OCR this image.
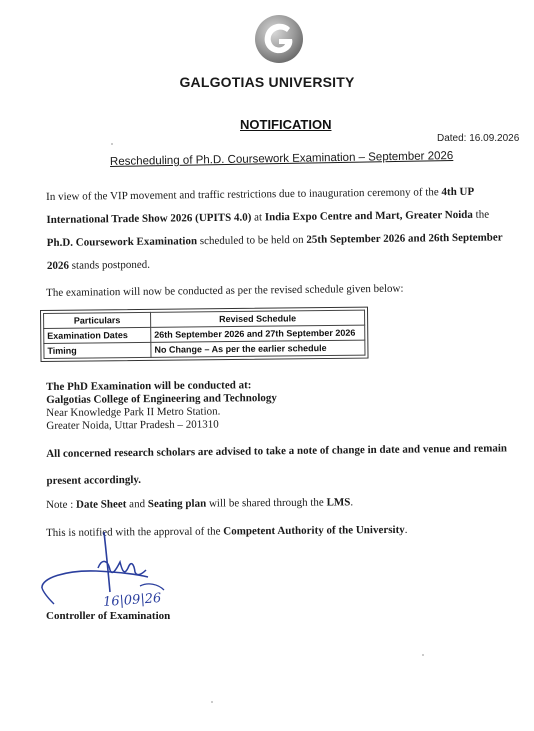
GALGOTIAS UNIVERSITY
NOTIFICATION
Dated: 16.09.2026
Rescheduling of Ph.D. Coursework Examination – September 2026
In view of the VIP movement and traffic restrictions due to inauguration ceremony of the 4th UP International Trade Show 2026 (UPITS 4.0) at India Expo Centre and Mart, Greater Noida the Ph.D. Coursework Examination scheduled to be held on 25th September 2026 and 26th September 2026 stands postponed.
The examination will now be conducted as per the revised schedule given below:
Particulars	Revised Schedule
Examination Dates	26th September 2026 and 27th September 2026
Timing	No Change – As per the earlier schedule
The PhD Examination will be conducted at:
Galgotias College of Engineering and Technology
Near Knowledge Park II Metro Station.
Greater Noida, Uttar Pradesh – 201310
All concerned research scholars are advised to take a note of change in date and venue and remain present accordingly.
Note : Date Sheet and Seating plan will be shared through the LMS.
This is notified with the approval of the Competent Authority of the University.
16|09|26
Controller of Examination
